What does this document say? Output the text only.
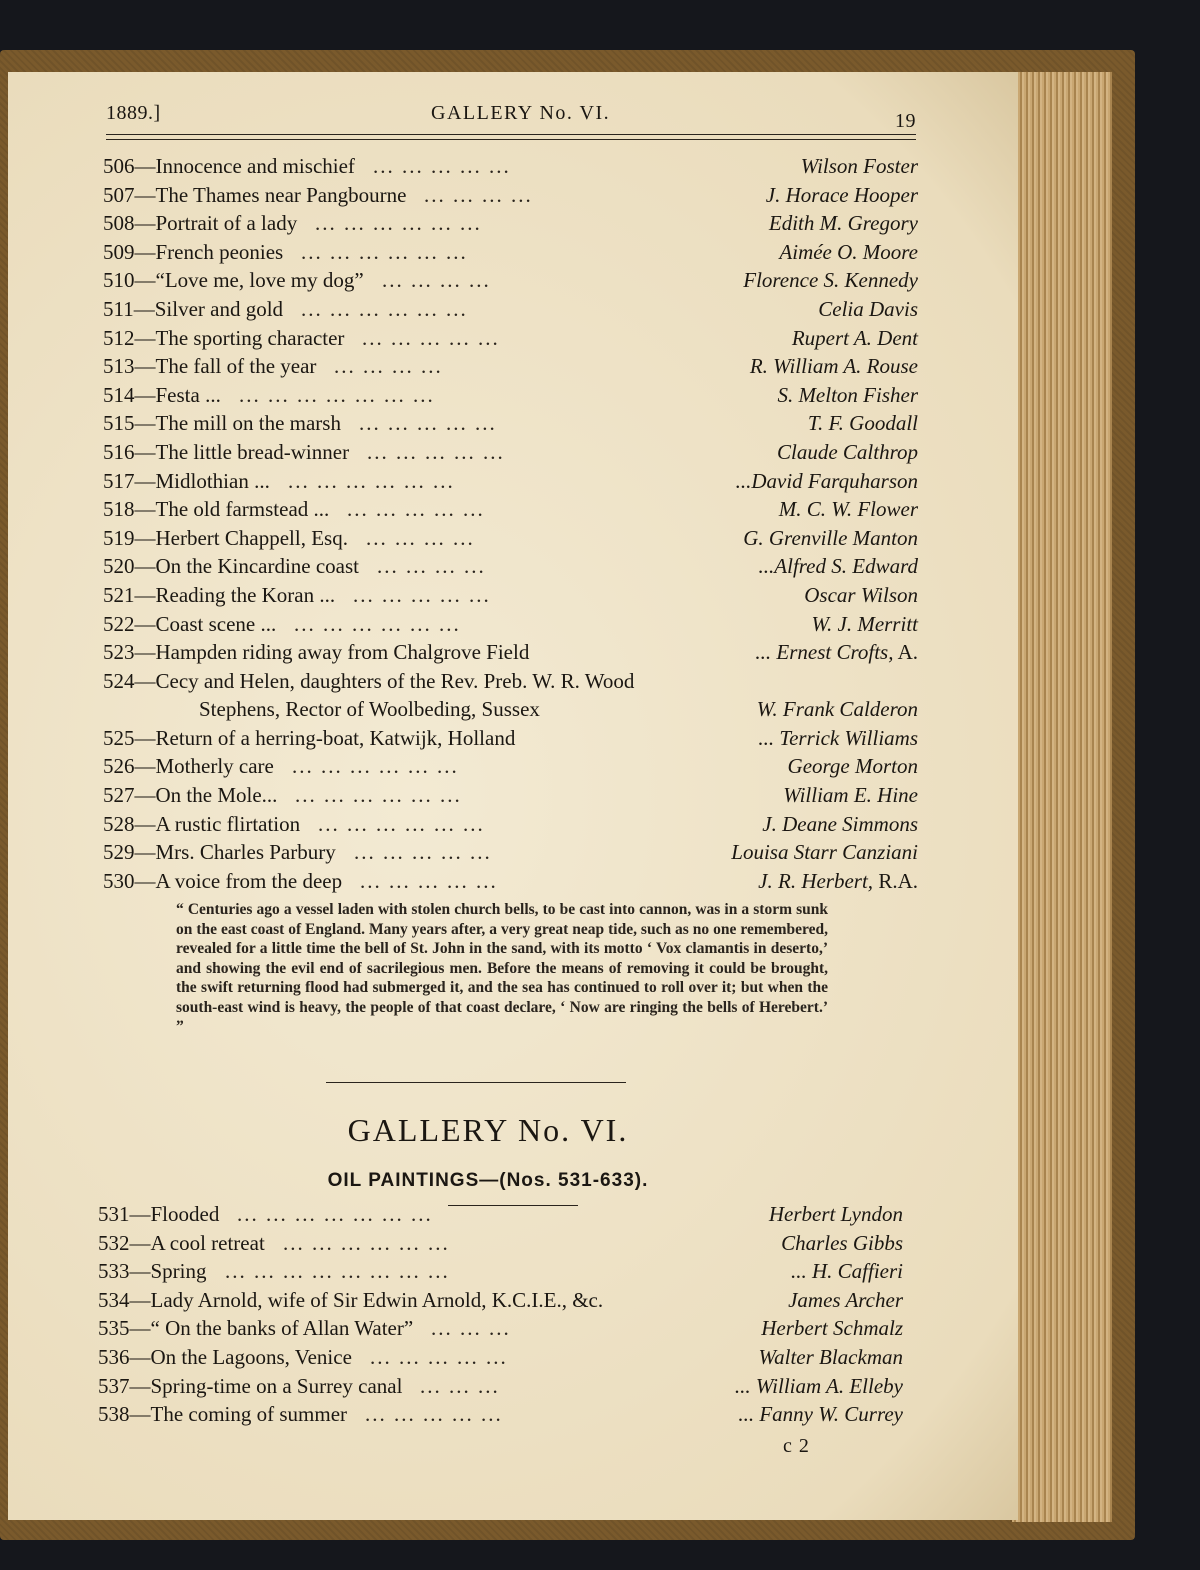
1889.]	GALLERY No. VI.	19
506—Innocence and mischief ... ... ... ... ...	Wilson Foster
507—The Thames near Pangbourne ... ... ... ...	J. Horace Hooper
508—Portrait of a lady ... ... ... ... ... ...	Edith M. Gregory
509—French peonies ... ... ... ... ... ...	Aimée O. Moore
510—“Love me, love my dog” ... ... ... ...	Florence S. Kennedy
511—Silver and gold ... ... ... ... ... ...	Celia Davis
512—The sporting character ... ... ... ... ...	Rupert A. Dent
513—The fall of the year ... ... ... ...	R. William A. Rouse
514—Festa ... ... ... ... ... ... ... ...	S. Melton Fisher
515—The mill on the marsh ... ... ... ... ...	T. F. Goodall
516—The little bread-winner ... ... ... ... ...	Claude Calthrop
517—Midlothian ... ... ... ... ... ... ...	...David Farquharson
518—The old farmstead ... ... ... ... ... ...	M. C. W. Flower
519—Herbert Chappell, Esq. ... ... ... ...	G. Grenville Manton
520—On the Kincardine coast ... ... ... ...	...Alfred S. Edward
521—Reading the Koran ... ... ... ... ... ...	Oscar Wilson
522—Coast scene ... ... ... ... ... ... ...	W. J. Merritt
523—Hampden riding away from Chalgrove Field	... Ernest Crofts, A.
524—Cecy and Helen, daughters of the Rev. Preb. W. R. Wood
Stephens, Rector of Woolbeding, Sussex	W. Frank Calderon
525—Return of a herring-boat, Katwijk, Holland	... Terrick Williams
526—Motherly care ... ... ... ... ... ...	George Morton
527—On the Mole... ... ... ... ... ... ...	William E. Hine
528—A rustic flirtation ... ... ... ... ... ...	J. Deane Simmons
529—Mrs. Charles Parbury ... ... ... ... ...	Louisa Starr Canziani
530—A voice from the deep ... ... ... ... ...	J. R. Herbert, R.A.
“ Centuries ago a vessel laden with stolen church bells, to be cast into cannon, was in a storm sunk on the east coast of England. Many years after, a very great neap tide, such as no one remembered, revealed for a little time the bell of St. John in the sand, with its motto ‘ Vox clamantis in deserto,’ and showing the evil end of sacrilegious men. Before the means of removing it could be brought, the swift returning flood had submerged it, and the sea has continued to roll over it; but when the south-east wind is heavy, the people of that coast declare, ‘ Now are ringing the bells of Herebert.’ ”
GALLERY No. VI.
OIL PAINTINGS—(Nos. 531-633).
531—Flooded ... ... ... ... ... ... ...	Herbert Lyndon
532—A cool retreat ... ... ... ... ... ...	Charles Gibbs
533—Spring ... ... ... ... ... ... ... ...	... H. Caffieri
534—Lady Arnold, wife of Sir Edwin Arnold, K.C.I.E., &c.	James Archer
535—“ On the banks of Allan Water” ... ... ...	Herbert Schmalz
536—On the Lagoons, Venice ... ... ... ... ...	Walter Blackman
537—Spring-time on a Surrey canal ... ... ...	... William A. Elleby
538—The coming of summer ... ... ... ... ...	... Fanny W. Currey
c 2
